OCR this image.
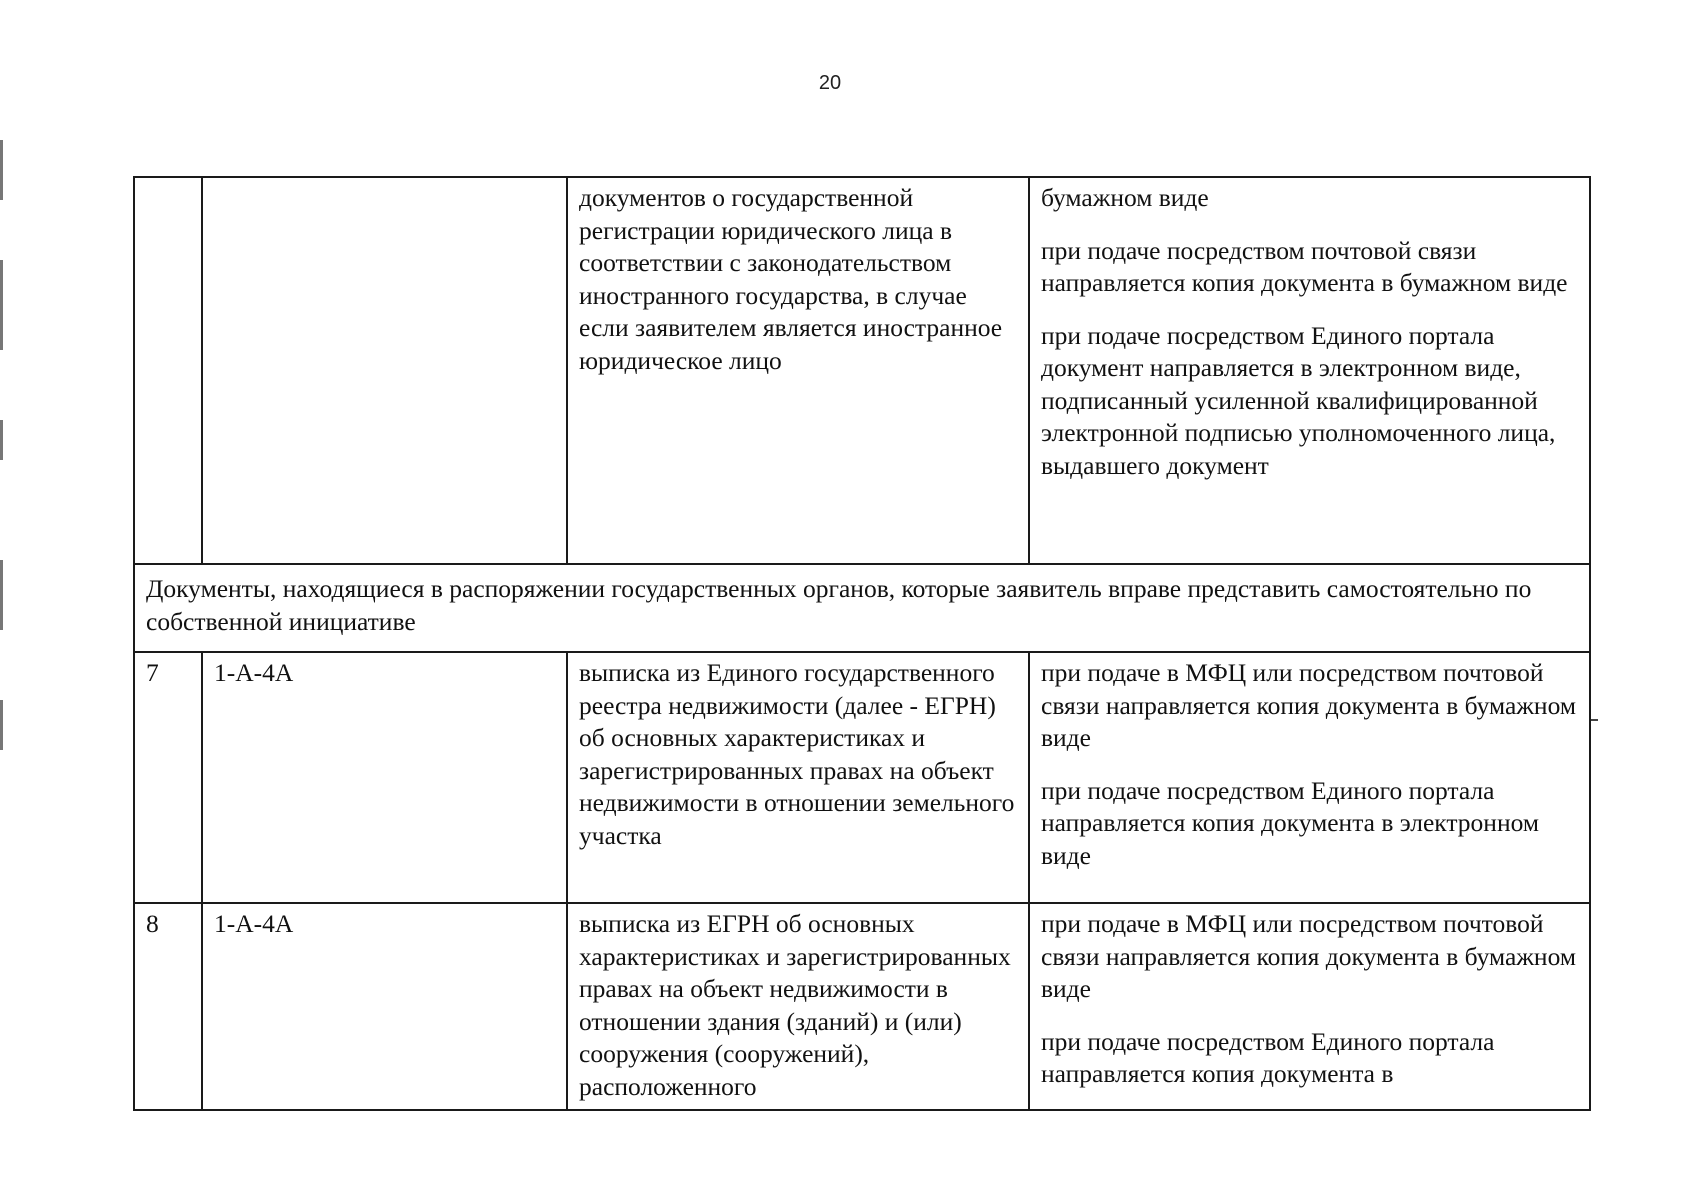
20
		документов о государственной регистрации юридического лица в соответствии с законодательством иностранного государства, в случае если заявителем является иностранное юридическое лицо	бумажном виде

при подаче посредством почтовой связи направляется копия документа в бумажном виде

при подаче посредством Единого портала документ направляется в электронном виде, подписанный усиленной квалифицированной электронной подписью уполномоченного лица, выдавшего документ

Документы, находящиеся в распоряжении государственных органов, которые заявитель вправе представить самостоятельно по собственной инициативе			
7	1-А-4А	выписка из Единого государственного реестра недвижимости (далее - ЕГРН) об основных характеристиках и зарегистрированных правах на объект недвижимости в отношении земельного участка	при подаче в МФЦ или посредством почтовой связи направляется копия документа в бумажном виде

при подаче посредством Единого портала направляется копия документа в электронном виде

8	1-А-4А	выписка из ЕГРН об основных характеристиках и зарегистрированных правах на объект недвижимости в отношении здания (зданий) и (или) сооружения (сооружений), расположенного	при подаче в МФЦ или посредством почтовой связи направляется копия документа в бумажном виде

при подаче посредством Единого портала направляется копия документа в
